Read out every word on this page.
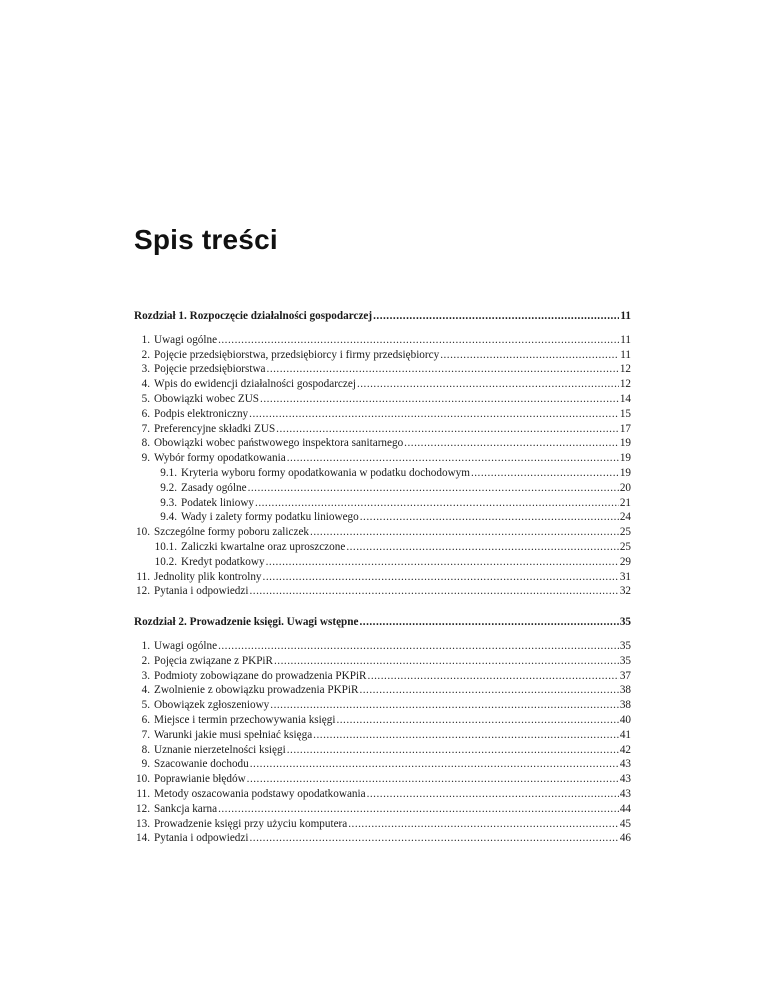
Spis treści
Rozdział 1. Rozpoczęcie działalności gospodarczej .....	11
1. Uwagi ogólne .....	11
2. Pojęcie przedsiębiorstwa, przedsiębiorcy i firmy przedsiębiorcy .....	11
3. Pojęcie przedsiębiorstwa .....	12
4. Wpis do ewidencji działalności gospodarczej .....	12
5. Obowiązki wobec ZUS .....	14
6. Podpis elektroniczny .....	15
7. Preferencyjne składki ZUS .....	17
8. Obowiązki wobec państwowego inspektora sanitarnego .....	19
9. Wybór formy opodatkowania .....	19
9.1. Kryteria wyboru formy opodatkowania w podatku dochodowym .....	19
9.2. Zasady ogólne .....	20
9.3. Podatek liniowy .....	21
9.4. Wady i zalety formy podatku liniowego .....	24
10. Szczególne formy poboru zaliczek .....	25
10.1. Zaliczki kwartalne oraz uproszczone .....	25
10.2. Kredyt podatkowy .....	29
11. Jednolity plik kontrolny .....	31
12. Pytania i odpowiedzi .....	32
Rozdział 2. Prowadzenie księgi. Uwagi wstępne .....	35
1. Uwagi ogólne .....	35
2. Pojęcia związane z PKPiR .....	35
3. Podmioty zobowiązane do prowadzenia PKPiR .....	37
4. Zwolnienie z obowiązku prowadzenia PKPiR .....	38
5. Obowiązek zgłoszeniowy .....	38
6. Miejsce i termin przechowywania księgi .....	40
7. Warunki jakie musi spełniać księga .....	41
8. Uznanie nierzetelności księgi .....	42
9. Szacowanie dochodu .....	43
10. Poprawianie błędów .....	43
11. Metody oszacowania podstawy opodatkowania .....	43
12. Sankcja karna .....	44
13. Prowadzenie księgi przy użyciu komputera .....	45
14. Pytania i odpowiedzi .....	46
